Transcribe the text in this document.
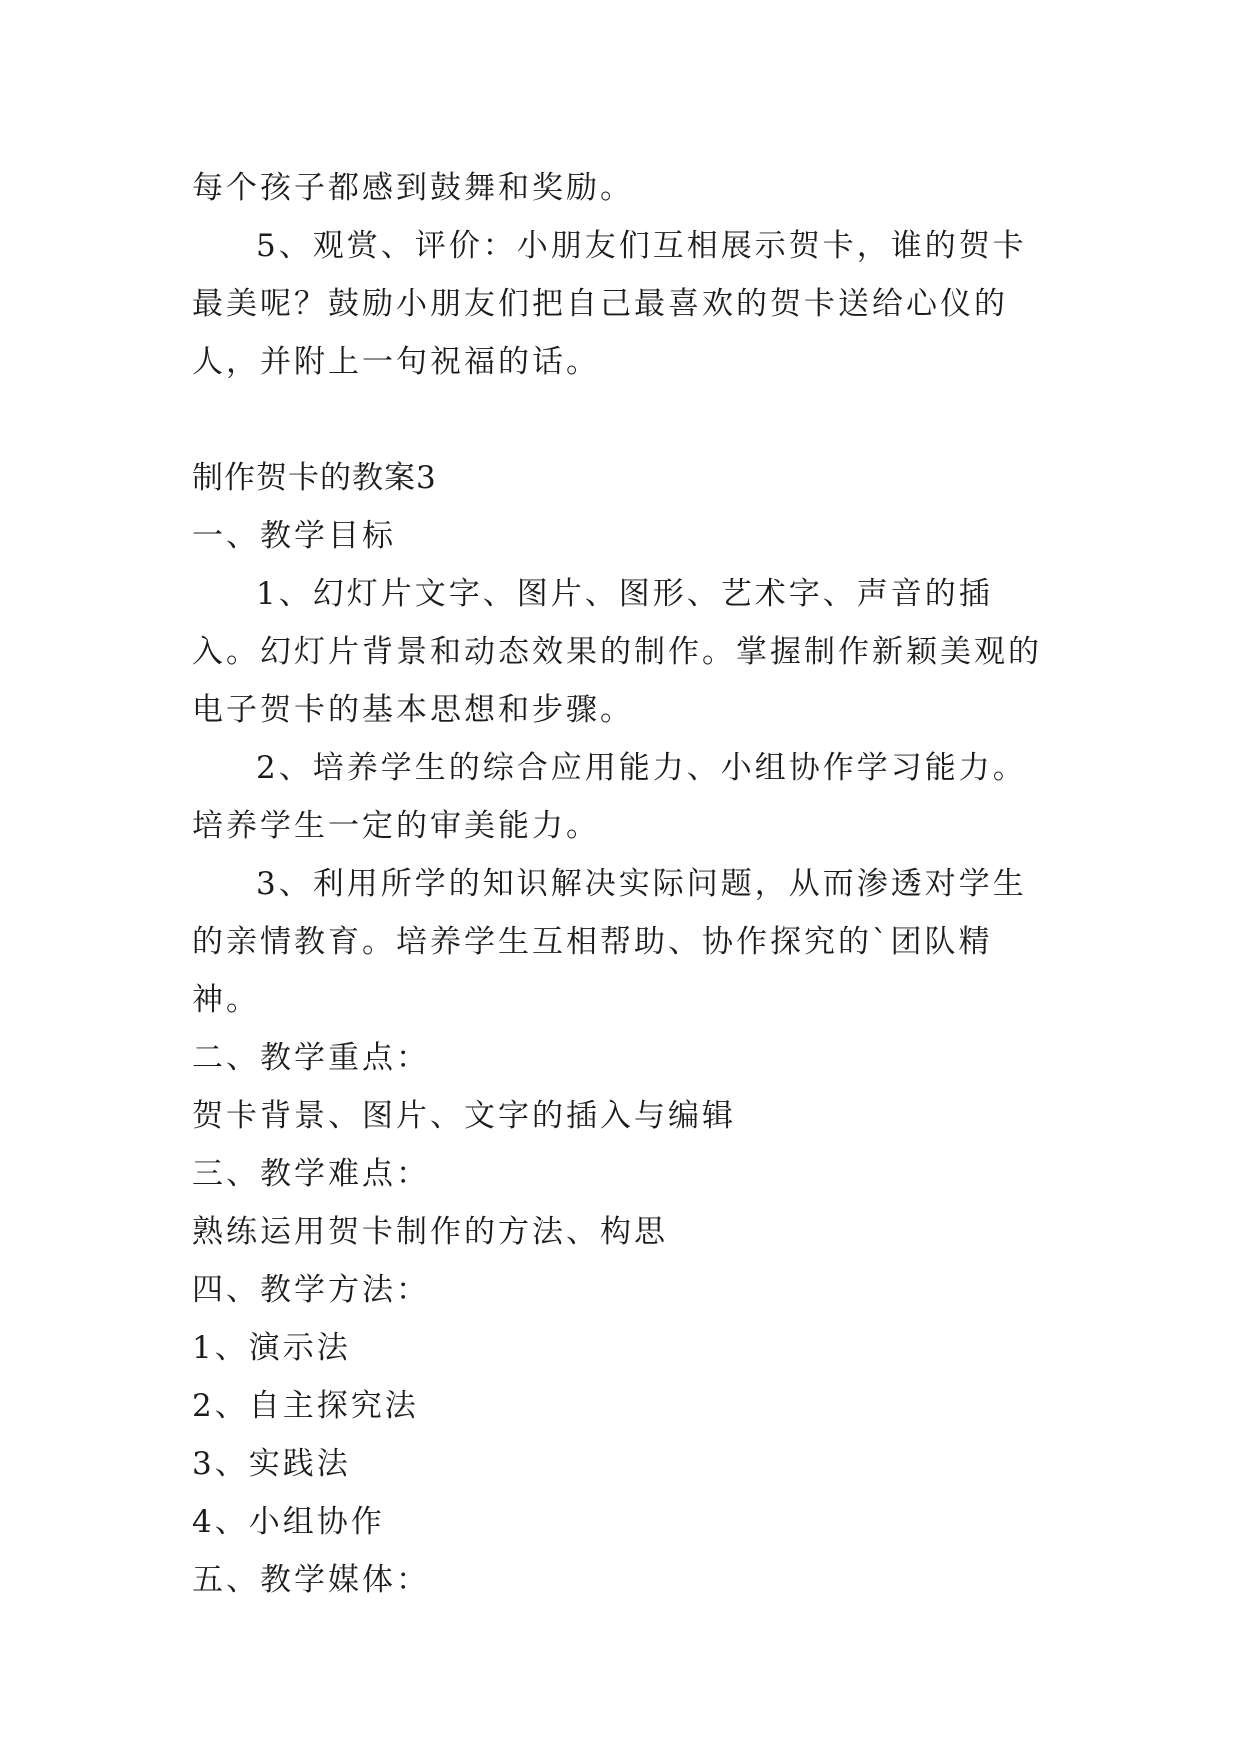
每个孩子都感到鼓舞和奖励。

5、观赏、评价：小朋友们互相展示贺卡，谁的贺卡最美呢？鼓励小朋友们把自己最喜欢的贺卡送给心仪的人，并附上一句祝福的话。

制作贺卡的教案3

一、教学目标

1、幻灯片文字、图片、图形、艺术字、声音的插入。幻灯片背景和动态效果的制作。掌握制作新颖美观的电子贺卡的基本思想和步骤。

2、培养学生的综合应用能力、小组协作学习能力。培养学生一定的审美能力。

3、利用所学的知识解决实际问题，从而渗透对学生的亲情教育。培养学生互相帮助、协作探究的`团队精神。

二、教学重点：

贺卡背景、图片、文字的插入与编辑

三、教学难点：

熟练运用贺卡制作的方法、构思

四、教学方法：

1、演示法

2、自主探究法

3、实践法

4、小组协作

五、教学媒体：
